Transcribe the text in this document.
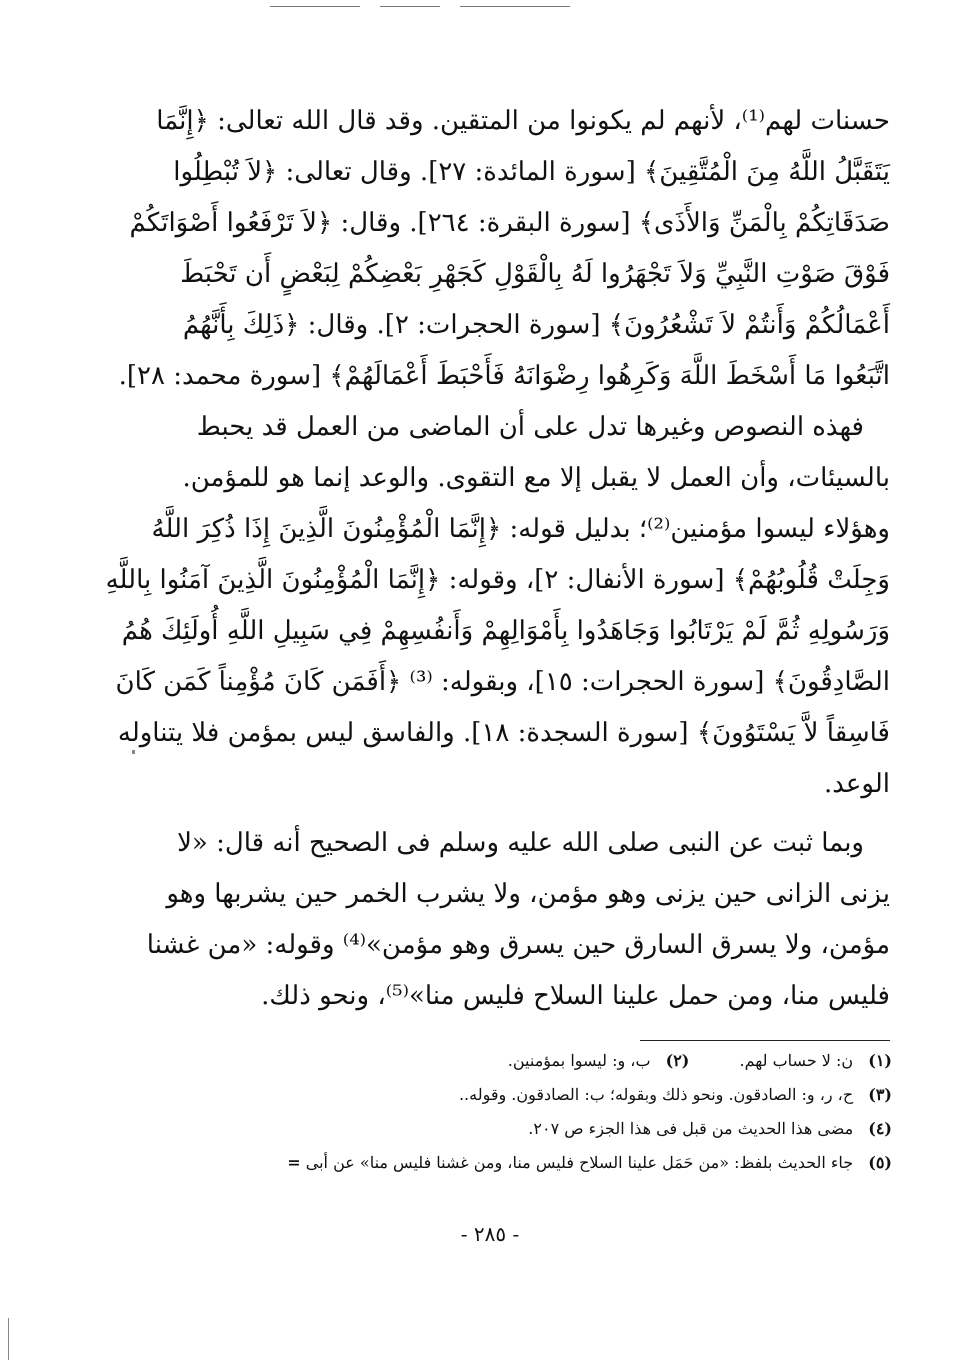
حسنات لهم⁽¹⁾، لأنهم لم يكونوا من المتقين. وقد قال الله تعالى: ﴿إِنَّمَا
يَتَقَبَّلُ اللَّهُ مِنَ الْمُتَّقِينَ﴾ [سورة المائدة: ٢٧]. وقال تعالى: ﴿لاَ تُبْطِلُوا
صَدَقَاتِكُمْ بِالْمَنِّ وَالأَذَى﴾ [سورة البقرة: ٢٦٤]. وقال: ﴿لاَ تَرْفَعُوا أَصْوَاتَكُمْ
فَوْقَ صَوْتِ النَّبِيِّ وَلاَ تَجْهَرُوا لَهُ بِالْقَوْلِ كَجَهْرِ بَعْضِكُمْ لِبَعْضٍ أَن تَحْبَطَ
أَعْمَالُكُمْ وَأَنتُمْ لاَ تَشْعُرُونَ﴾ [سورة الحجرات: ٢]. وقال: ﴿ذَلِكَ بِأَنَّهُمُ
اتَّبَعُوا مَا أَسْخَطَ اللَّهَ وَكَرِهُوا رِضْوَانَهُ فَأَحْبَطَ أَعْمَالَهُمْ﴾ [سورة محمد: ٢٨].
فهذه النصوص وغيرها تدل على أن الماضى من العمل قد يحبط
بالسيئات، وأن العمل لا يقبل إلا مع التقوى. والوعد إنما هو للمؤمن.
وهؤلاء ليسوا مؤمنين⁽²⁾؛ بدليل قوله: ﴿إِنَّمَا الْمُؤْمِنُونَ الَّذِينَ إِذَا ذُكِرَ اللَّهُ
وَجِلَتْ قُلُوبُهُمْ﴾ [سورة الأنفال: ٢]، وقوله: ﴿إِنَّمَا الْمُؤْمِنُونَ الَّذِينَ آمَنُوا بِاللَّهِ
وَرَسُولِهِ ثُمَّ لَمْ يَرْتَابُوا وَجَاهَدُوا بِأَمْوَالِهِمْ وَأَنفُسِهِمْ فِي سَبِيلِ اللَّهِ أُولَئِكَ هُمُ
الصَّادِقُونَ﴾ [سورة الحجرات: ١٥]، وبقوله: ⁽³⁾ ﴿أَفَمَن كَانَ مُؤْمِناً كَمَن كَانَ
فَاسِقاً لاَّ يَسْتَوُونَ﴾ [سورة السجدة: ١٨]. والفاسق ليس بمؤمن فلا يتناوله
الوعد.
وبما ثبت عن النبى صلى الله عليه وسلم فى الصحيح أنه قال: «لا
يزنى الزانى حين يزنى وهو مؤمن، ولا يشرب الخمر حين يشربها وهو
مؤمن، ولا يسرق السارق حين يسرق وهو مؤمن»⁽⁴⁾ وقوله: «من غشنا
فليس منا، ومن حمل علينا السلاح فليس منا»⁽⁵⁾، ونحو ذلك.
(١) ن: لا حساب لهم.  (٢) ب، و: ليسوا بمؤمنين.
(٣) ح، ر، و: الصادقون. ونحو ذلك وبقوله؛ ب: الصادقون. وقوله..
(٤) مضى هذا الحديث من قبل فى هذا الجزء ص ٢٠٧.
(٥) جاء الحديث بلفظ: «من حَمَل علينا السلاح فليس منا، ومن غشنا فليس منا» عن أبى =
- ٢٨٥ -
